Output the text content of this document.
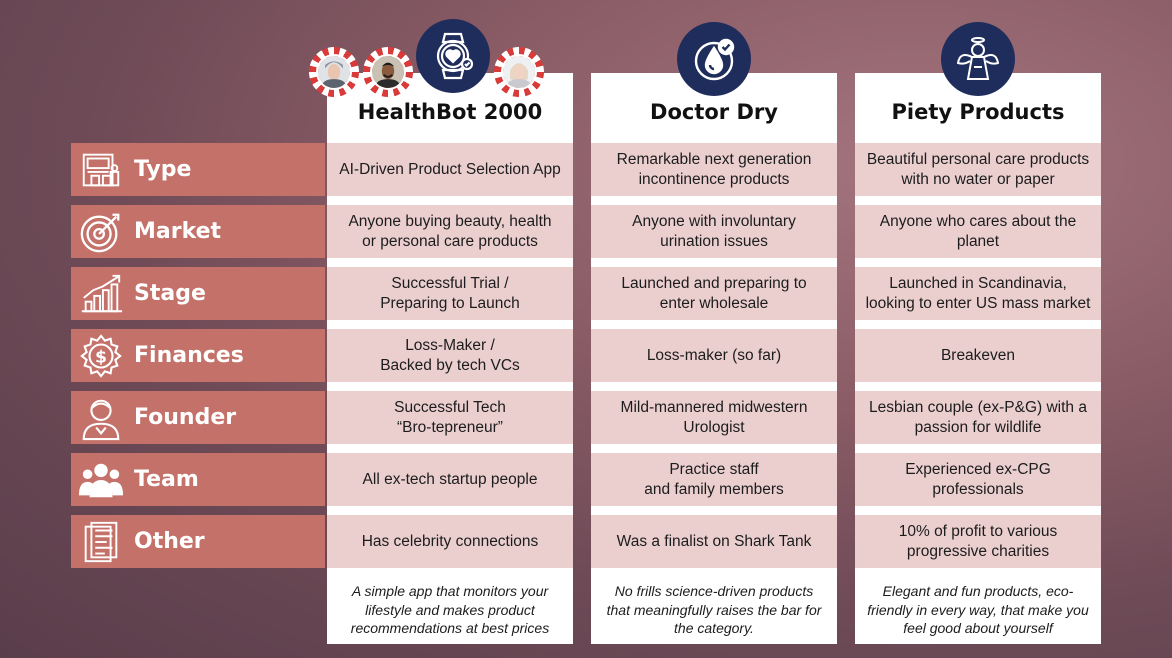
Type
Market
Stage
$ Finances
Founder
Team
Other
HealthBot 2000
AI-Driven Product Selection App
Anyone buying beauty, health
or personal care products
Successful Trial /
Preparing to Launch
Loss-Maker /
Backed by tech VCs
Successful Tech
“Bro-tepreneur”
All ex-tech startup people
Has celebrity connections
A simple app that monitors your
lifestyle and makes product
recommendations at best prices
Doctor Dry
Remarkable next generation
incontinence products
Anyone with involuntary
urination issues
Launched and preparing to
enter wholesale
Loss-maker (so far)
Mild-mannered midwestern
Urologist
Practice staff
and family members
Was a finalist on Shark Tank
No frills science-driven products
that meaningfully raises the bar for
the category.
Piety Products
Beautiful personal care products
with no water or paper
Anyone who cares about the
planet
Launched in Scandinavia,
looking to enter US mass market
Breakeven
Lesbian couple (ex-P&G) with a
passion for wildlife
Experienced ex-CPG
professionals
10% of profit to various
progressive charities
Elegant and fun products, eco-
friendly in every way, that make you
feel good about yourself
